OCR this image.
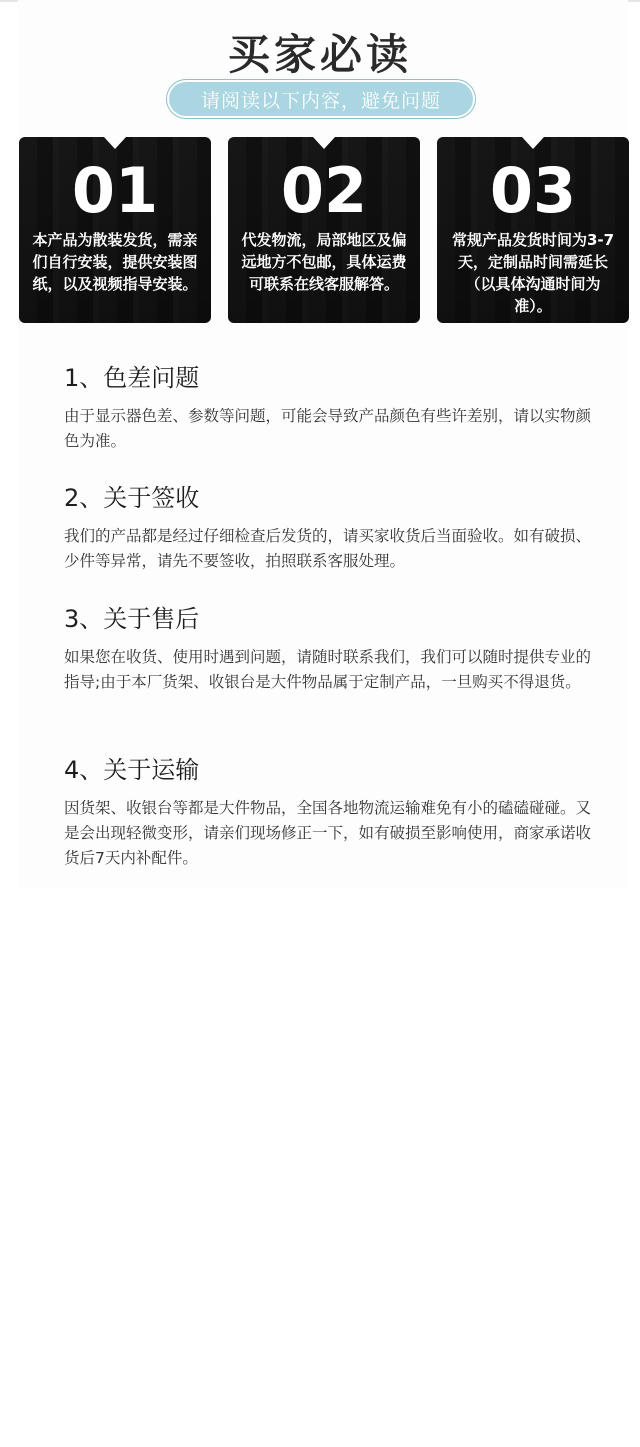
买家必读
请阅读以下内容，避免问题
01
本产品为散装发货，需亲们自行安装，提供安装图纸，以及视频指导安装。
02
代发物流，局部地区及偏远地方不包邮，具体运费可联系在线客服解答。
03
常规产品发货时间为3-7天，定制品时间需延长（以具体沟通时间为准）。
1、色差问题

由于显示器色差、参数等问题，可能会导致产品颜色有些许差别，请以实物颜色为准。

2、关于签收

我们的产品都是经过仔细检查后发货的，请买家收货后当面验收。如有破损、少件等异常，请先不要签收，拍照联系客服处理。

3、关于售后

如果您在收货、使用时遇到问题，请随时联系我们，我们可以随时提供专业的指导;由于本厂货架、收银台是大件物品属于定制产品，一旦购买不得退货。

4、关于运输

因货架、收银台等都是大件物品，全国各地物流运输难免有小的磕磕碰碰。又是会出现轻微变形，请亲们现场修正一下，如有破损至影响使用，商家承诺收货后7天内补配件。
